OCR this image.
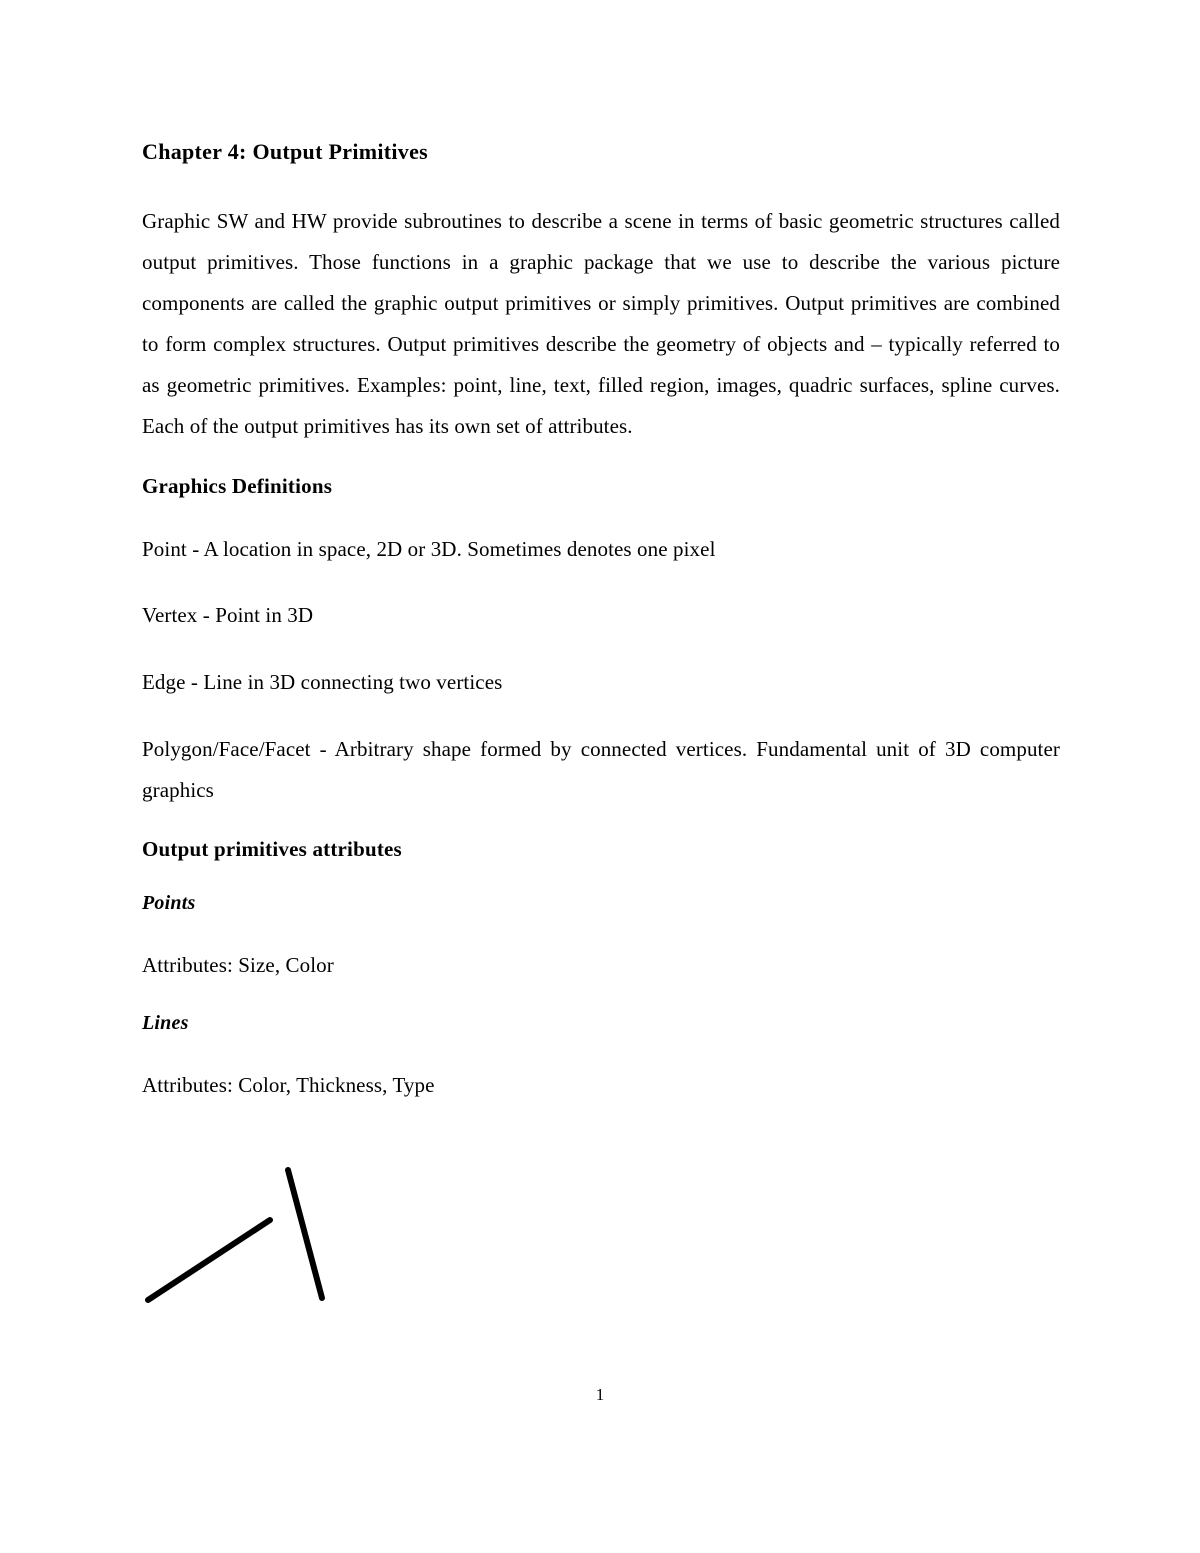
Chapter 4: Output Primitives

Graphic SW and HW provide subroutines to describe a scene in terms of basic geometric structures called output primitives. Those functions in a graphic package that we use to describe the various picture components are called the graphic output primitives or simply primitives. Output primitives are combined to form complex structures. Output primitives describe the geometry of objects and – typically referred to as geometric primitives. Examples: point, line, text, filled region, images, quadric surfaces, spline curves. Each of the output primitives has its own set of attributes.

Graphics Definitions

Point - A location in space, 2D or 3D. Sometimes denotes one pixel

Vertex - Point in 3D

Edge - Line in 3D connecting two vertices

Polygon/Face/Facet - Arbitrary shape formed by connected vertices. Fundamental unit of 3D computer graphics

Output primitives attributes
Points

Attributes: Size, Color

Lines

Attributes: Color, Thickness, Type

1
